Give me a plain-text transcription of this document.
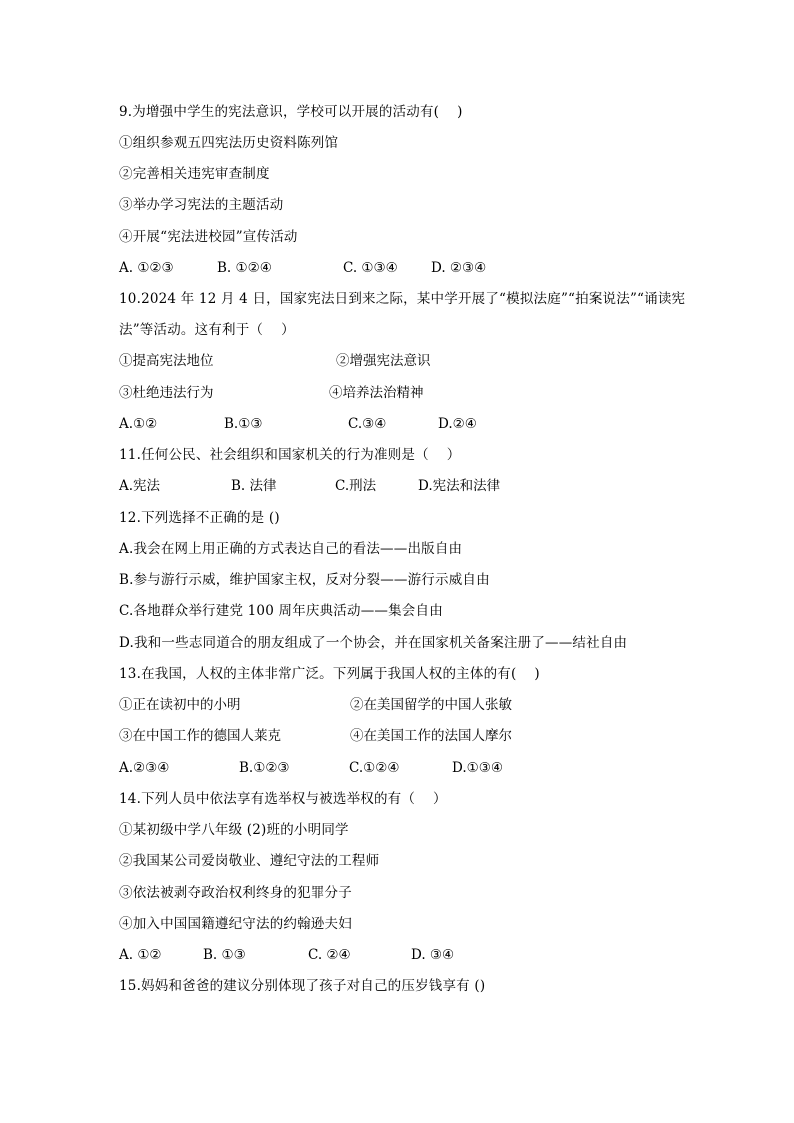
9.为增强中学生的宪法意识，学校可以开展的活动有(    )
①组织参观五四宪法历史资料陈列馆
②完善相关违宪审查制度
③举办学习宪法的主题活动
④开展“宪法进校园”宣传活动
A. ①②③	B. ①②④	C. ①③④ D. ②③④
10.2024 年 12 月 4 日，国家宪法日到来之际，某中学开展了“模拟法庭”“拍案说法”“诵读宪
法”等活动。这有利于（    ）
①提高宪法地位	②增强宪法意识
③杜绝违法行为	④培养法治精神
A.①②	B.①③	C.③④	D.②④
11.任何公民、社会组织和国家机关的行为准则是（    ）
A.宪法	B. 法律	C.刑法	D.宪法和法律
12.下列选择不正确的是 ()
A.我会在网上用正确的方式表达自己的看法——出版自由
B.参与游行示威，维护国家主权，反对分裂——游行示威自由
C.各地群众举行建党 100 周年庆典活动——集会自由
D.我和一些志同道合的朋友组成了一个协会，并在国家机关备案注册了——结社自由
13.在我国，人权的主体非常广泛。下列属于我国人权的主体的有(    )
①正在读初中的小明	②在美国留学的中国人张敏
③在中国工作的德国人莱克	④在美国工作的法国人摩尔
A.②③④	B.①②③	C.①②④	D.①③④
14.下列人员中依法享有选举权与被选举权的有（    ）
①某初级中学八年级 (2)班的小明同学
②我国某公司爱岗敬业、遵纪守法的工程师
③依法被剥夺政治权利终身的犯罪分子
④加入中国国籍遵纪守法的约翰逊夫妇
A. ①②	B. ①③	C. ②④	D. ③④
15.妈妈和爸爸的建议分别体现了孩子对自己的压岁钱享有 ()
